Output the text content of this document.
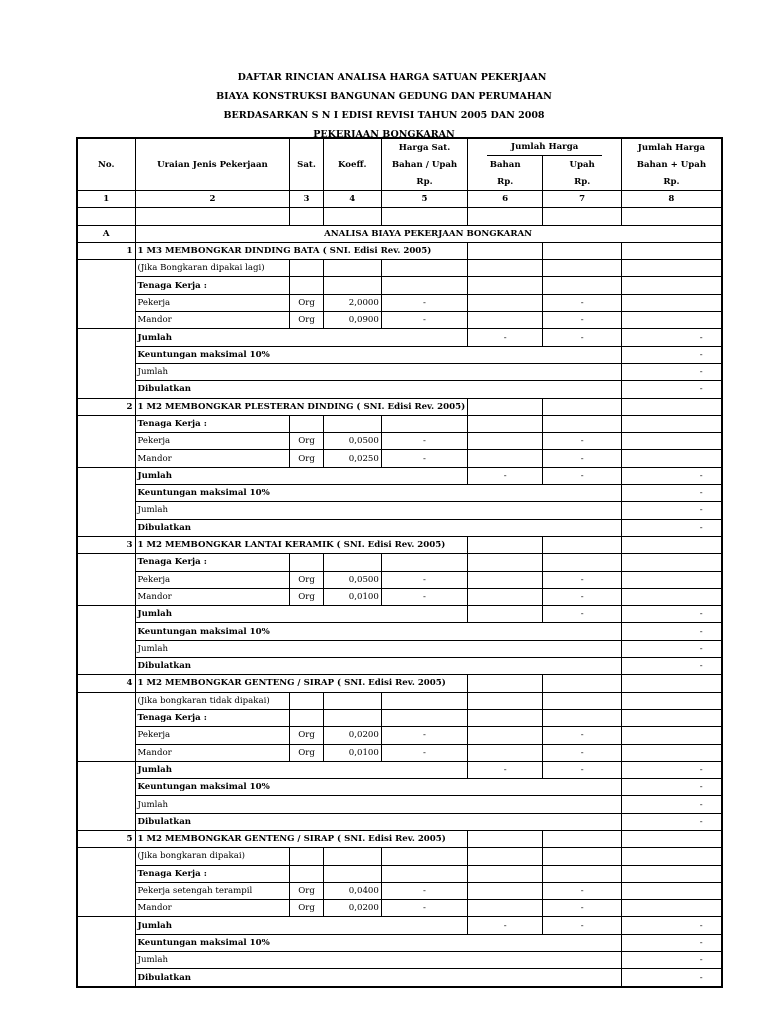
DAFTAR RINCIAN ANALISA HARGA SATUAN PEKERJAAN
BIAYA KONSTRUKSI BANGUNAN GEDUNG DAN PERUMAHAN
BERDASARKAN S N I EDISI REVISI TAHUN 2005 DAN 2008
PEKERJAAN BONGKARAN
No.	Uraian Jenis Pekerjaan	Sat.	Koeff.	Harga Sat.	Jumlah Harga		Jumlah Harga
				Bahan / Upah	Bahan	Upah	Bahan + Upah
				Rp.	Rp.	Rp.	Rp.
1	2	3	4	5	6	7	8

A	ANALISA BIAYA PEKERJAAN BONGKARAN						
1	1 M3 MEMBONGKAR DINDING BATA ( SNI. Edisi Rev. 2005)						
	(Jika Bongkaran dipakai lagi)						
	Tenaga Kerja :						
	Pekerja	Org	2,0000	-		-	
	Mandor	Org	0,0900	-		-	
	Jumlah				-	-	-
	Keuntungan maksimal 10%						-
	Jumlah						-
	Dibulatkan						-
2	1 M2 MEMBONGKAR PLESTERAN DINDING ( SNI. Edisi Rev. 2005)						
	Tenaga Kerja :						
	Pekerja	Org	0,0500	-		-	
	Mandor	Org	0,0250	-		-	
	Jumlah				-	-	-
	Keuntungan maksimal 10%						-
	Jumlah						-
	Dibulatkan						-
3	1 M2 MEMBONGKAR LANTAI KERAMIK ( SNI. Edisi Rev. 2005)						
	Tenaga Kerja :						
	Pekerja	Org	0,0500	-		-	
	Mandor	Org	0,0100	-		-	
	Jumlah					-	-
	Keuntungan maksimal 10%						-
	Jumlah						-
	Dibulatkan						-
4	1 M2 MEMBONGKAR GENTENG / SIRAP ( SNI. Edisi Rev. 2005)						
	(Jika bongkaran tidak dipakai)						
	Tenaga Kerja :						
	Pekerja	Org	0,0200	-		-	
	Mandor	Org	0,0100	-		-	
	Jumlah				-	-	-
	Keuntungan maksimal 10%						-
	Jumlah						-
	Dibulatkan						-
5	1 M2 MEMBONGKAR GENTENG / SIRAP ( SNI. Edisi Rev. 2005)						
	(Jika bongkaran dipakai)						
	Tenaga Kerja :						
	Pekerja setengah terampil	Org	0,0400	-		-	
	Mandor	Org	0,0200	-		-	
	Jumlah				-	-	-
	Keuntungan maksimal 10%						-
	Jumlah						-
	Dibulatkan						-
